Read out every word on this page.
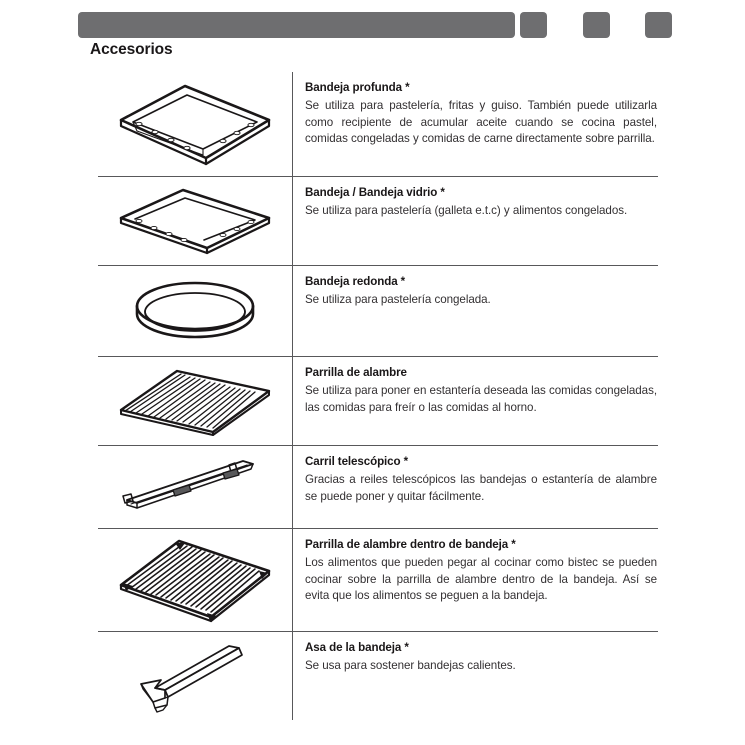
Accesorios
Bandeja profunda *
Se utiliza para pastelería, fritas y guiso. También puede utilizarla como recipiente de acumular aceite cuando se cocina pastel, comidas congeladas y comidas de carne directamente sobre parrilla.
Bandeja / Bandeja vidrio *
Se utiliza para pastelería (galleta e.t.c) y alimentos congelados.
Bandeja redonda *
Se utiliza para pastelería congelada.
Parrilla de alambre
Se utiliza para poner en estantería deseada las comidas congeladas, las comidas para freír o las comidas al horno.
Carril telescópico *
Gracias a reiles telescópicos las bandejas o estantería de alambre se puede poner y quitar fácilmente.
Parrilla de alambre dentro de bandeja *
Los alimentos que pueden pegar al cocinar como bistec se pueden cocinar sobre la parrilla de alambre dentro de la bandeja. Así se evita que los alimentos se peguen a la bandeja.
Asa de la bandeja *
Se usa para sostener bandejas calientes.
